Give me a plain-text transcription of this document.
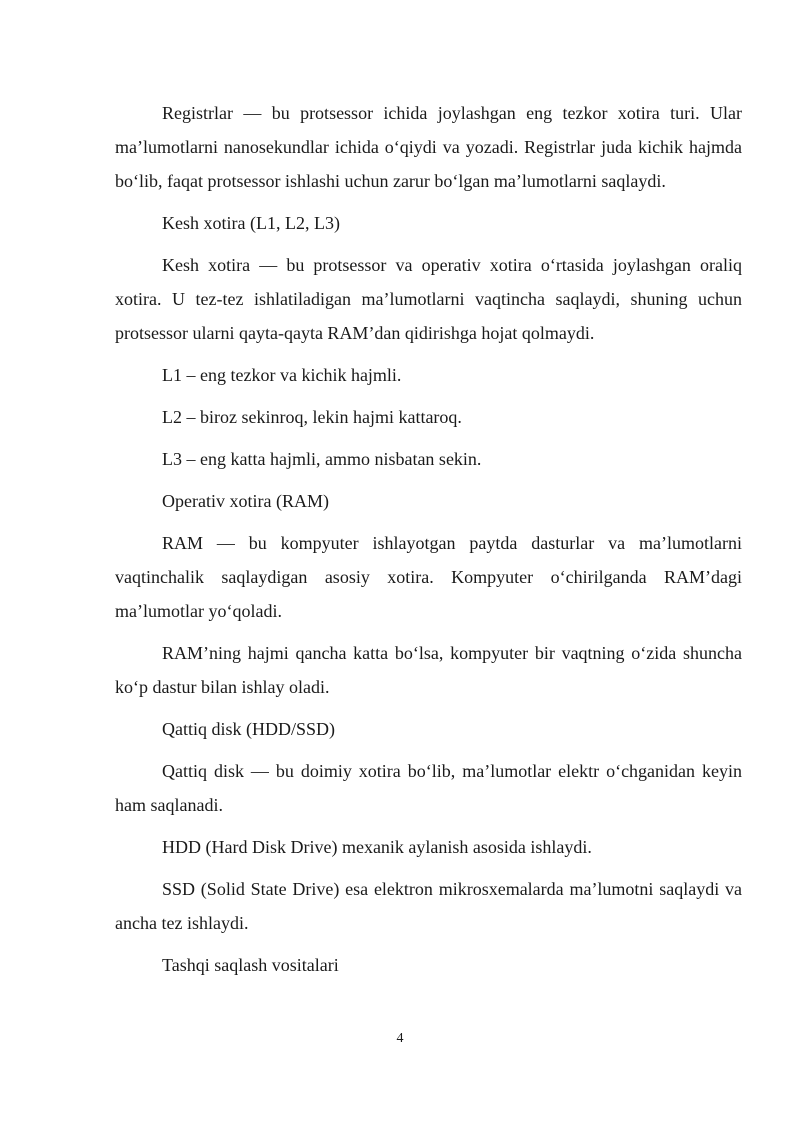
Registrlar — bu protsessor ichida joylashgan eng tezkor xotira turi. Ular ma’lumotlarni nanosekundlar ichida o‘qiydi va yozadi. Registrlar juda kichik hajmda bo‘lib, faqat protsessor ishlashi uchun zarur bo‘lgan ma’lumotlarni saqlaydi.

Kesh xotira (L1, L2, L3)

Kesh xotira — bu protsessor va operativ xotira o‘rtasida joylashgan oraliq xotira. U tez-tez ishlatiladigan ma’lumotlarni vaqtincha saqlaydi, shuning uchun protsessor ularni qayta-qayta RAM’dan qidirishga hojat qolmaydi.

L1 – eng tezkor va kichik hajmli.

L2 – biroz sekinroq, lekin hajmi kattaroq.

L3 – eng katta hajmli, ammo nisbatan sekin.

Operativ xotira (RAM)

RAM — bu kompyuter ishlayotgan paytda dasturlar va ma’lumotlarni vaqtinchalik saqlaydigan asosiy xotira. Kompyuter o‘chirilganda RAM’dagi ma’lumotlar yo‘qoladi.

RAM’ning hajmi qancha katta bo‘lsa, kompyuter bir vaqtning o‘zida shuncha ko‘p dastur bilan ishlay oladi.

Qattiq disk (HDD/SSD)

Qattiq disk — bu doimiy xotira bo‘lib, ma’lumotlar elektr o‘chganidan keyin ham saqlanadi.

HDD (Hard Disk Drive) mexanik aylanish asosida ishlaydi.

SSD (Solid State Drive) esa elektron mikrosxemalarda ma’lumotni saqlaydi va ancha tez ishlaydi.

Tashqi saqlash vositalari

4
